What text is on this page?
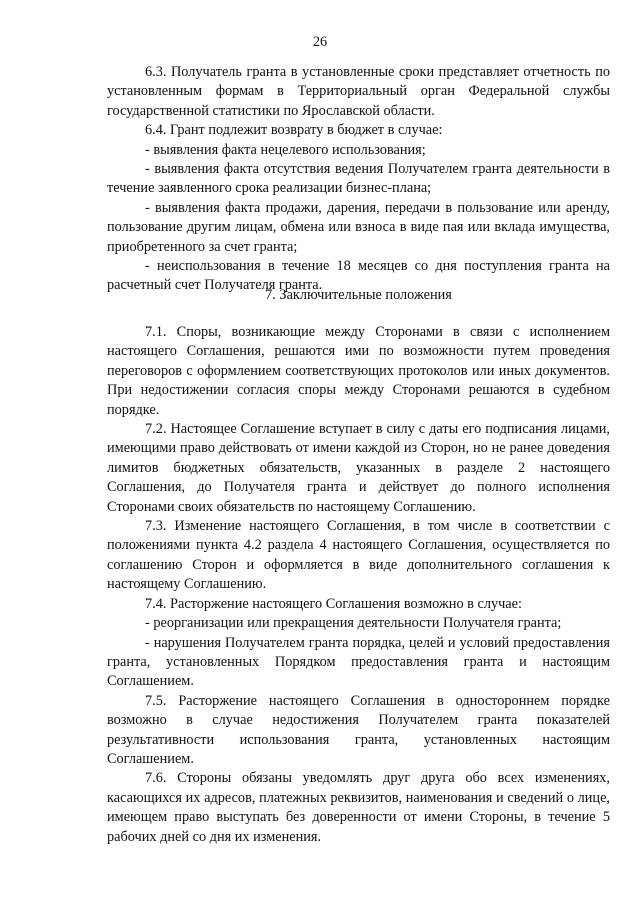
26

6.3. Получатель гранта в установленные сроки представляет отчетность по установленным формам в Территориальный орган Федеральной службы государственной статистики по Ярославской области.

6.4. Грант подлежит возврату в бюджет в случае:

- выявления факта нецелевого использования;

- выявления факта отсутствия ведения Получателем гранта деятельности в течение заявленного срока реализации бизнес-плана;

- выявления факта продажи, дарения, передачи в пользование или аренду, пользование другим лицам, обмена или взноса в виде пая или вклада имущества, приобретенного за счет гранта;

- неиспользования в течение 18 месяцев со дня поступления гранта на расчетный счет Получателя гранта.

7. Заключительные положения

7.1. Споры, возникающие между Сторонами в связи с исполнением настоящего Соглашения, решаются ими по возможности путем проведения переговоров с оформлением соответствующих протоколов или иных документов. При недостижении согласия споры между Сторонами решаются в судебном порядке.

7.2. Настоящее Соглашение вступает в силу с даты его подписания лицами, имеющими право действовать от имени каждой из Сторон, но не ранее доведения лимитов бюджетных обязательств, указанных в разделе 2 настоящего Соглашения, до Получателя гранта и действует до полного исполнения Сторонами своих обязательств по настоящему Соглашению.

7.3. Изменение настоящего Соглашения, в том числе в соответствии с положениями пункта 4.2 раздела 4 настоящего Соглашения, осуществляется по соглашению Сторон и оформляется в виде дополнительного соглашения к настоящему Соглашению.

7.4. Расторжение настоящего Соглашения возможно в случае:

- реорганизации или прекращения деятельности Получателя гранта;

- нарушения Получателем гранта порядка, целей и условий предоставления гранта, установленных Порядком предоставления гранта и настоящим Соглашением.

7.5. Расторжение настоящего Соглашения в одностороннем порядке возможно в случае недостижения Получателем гранта показателей результативности использования гранта, установленных настоящим Соглашением.

7.6. Стороны обязаны уведомлять друг друга обо всех изменениях, касающихся их адресов, платежных реквизитов, наименования и сведений о лице, имеющем право выступать без доверенности от имени Стороны, в течение 5 рабочих дней со дня их изменения.
